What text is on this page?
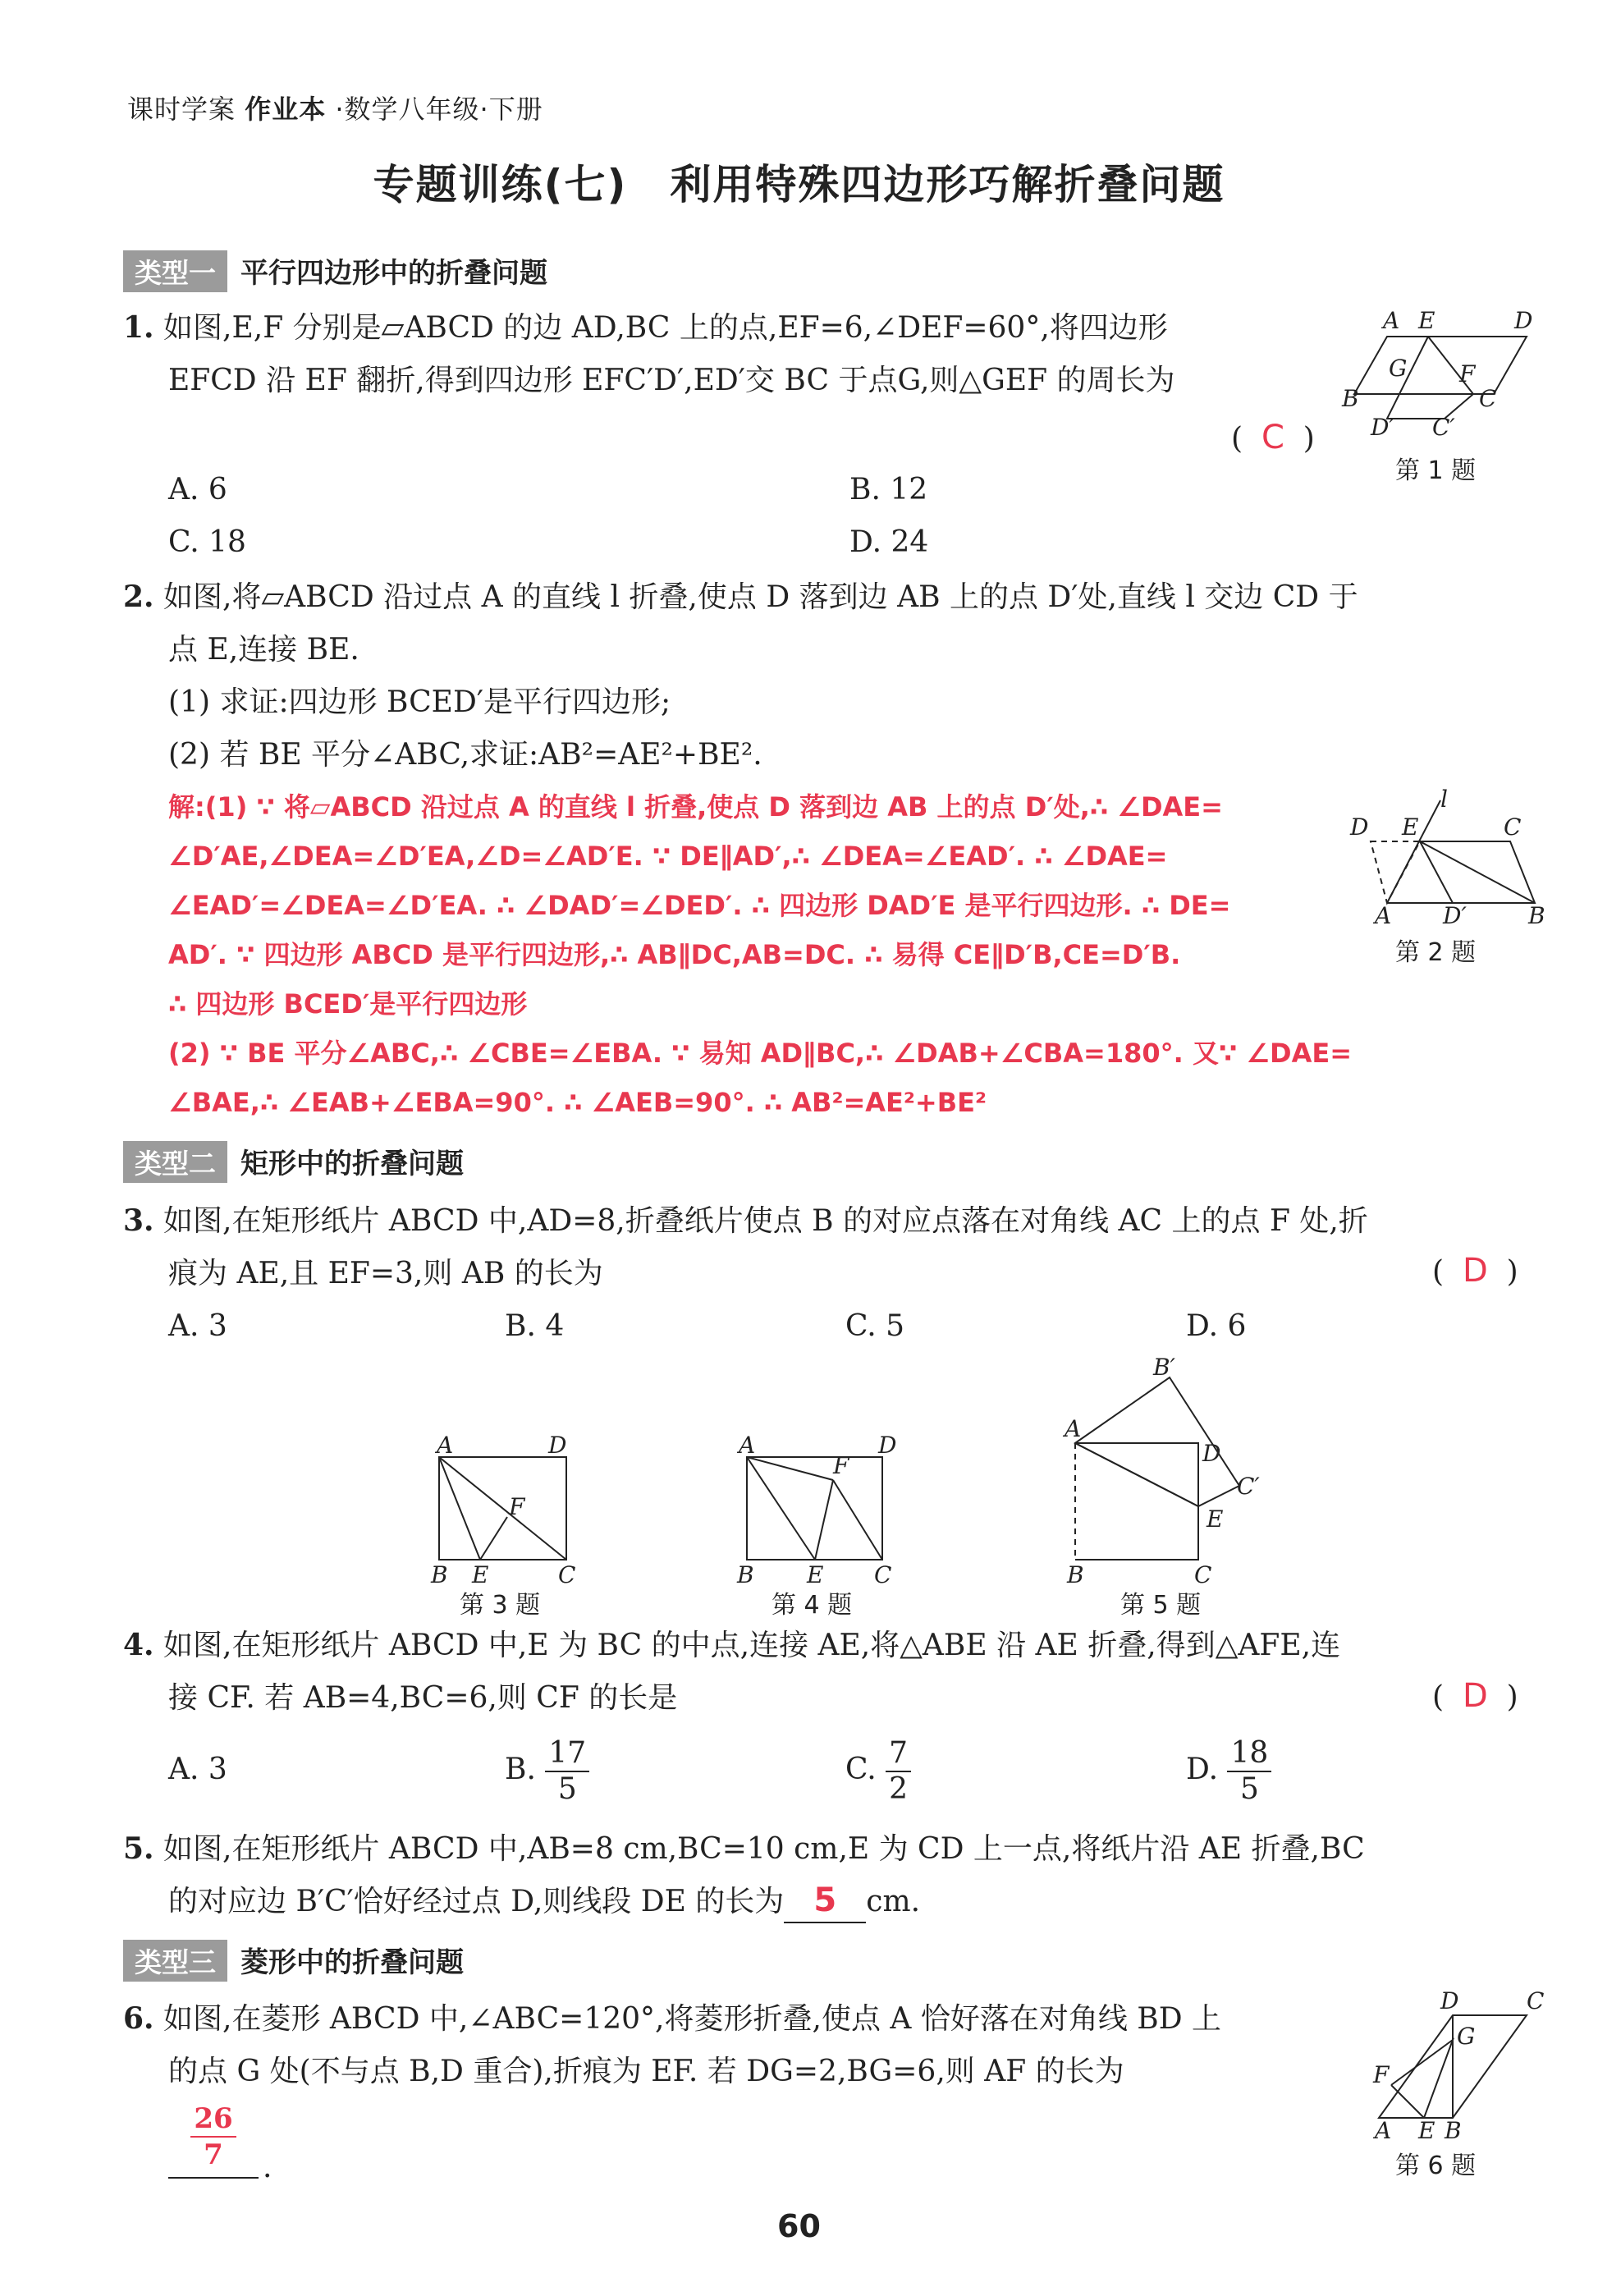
课时学案 作业本 ·数学八年级·下册
专题训练(七)　利用特殊四边形巧解折叠问题
类型一 平行四边形中的折叠问题
1. 如图,E,F 分别是▱ABCD 的边 AD,BC 上的点,EF=6,∠DEF=60°,将四边形
EFCD 沿 EF 翻折,得到四边形 EFC′D′,ED′交 BC 于点G,则△GEF 的周长为
(  C  )
A. 6	B. 12
C. 18	D. 24
A E	D
B
G F
C
D′ C′
第 1 题
2. 如图,将▱ABCD 沿过点 A 的直线 l 折叠,使点 D 落到边 AB 上的点 D′处,直线 l 交边 CD 于
点 E,连接 BE.
(1) 求证:四边形 BCED′是平行四边形;
(2) 若 BE 平分∠ABC,求证:AB²=AE²+BE².
解:(1) ∵ 将▱ABCD 沿过点 A 的直线 l 折叠,使点 D 落到边 AB 上的点 D′处,∴ ∠DAE=
∠D′AE,∠DEA=∠D′EA,∠D=∠AD′E. ∵ DE∥AD′,∴ ∠DEA=∠EAD′. ∴ ∠DAE=
∠EAD′=∠DEA=∠D′EA. ∴ ∠DAD′=∠DED′. ∴ 四边形 DAD′E 是平行四边形. ∴ DE=
AD′. ∵ 四边形 ABCD 是平行四边形,∴ AB∥DC,AB=DC. ∴ 易得 CE∥D′B,CE=D′B.
∴ 四边形 BCED′是平行四边形
(2) ∵ BE 平分∠ABC,∴ ∠CBE=∠EBA. ∵ 易知 AD∥BC,∴ ∠DAB+∠CBA=180°. 又∵ ∠DAE=
∠BAE,∴ ∠EAB+∠EBA=90°. ∴ ∠AEB=90°. ∴ AB²=AE²+BE²
D E
l
C
A D′	B
第 2 题
类型二 矩形中的折叠问题
3. 如图,在矩形纸片 ABCD 中,AD=8,折叠纸片使点 B 的对应点落在对角线 AC 上的点 F 处,折
痕为 AE,且 EF=3,则 AB 的长为	(  D  )
A. 3	B. 4	C. 5	D. 6
A	D
F
B E	C
第 3 题
A	D
F
B E C
第 4 题
A
B′
D
C′
E
B	C
第 5 题
4. 如图,在矩形纸片 ABCD 中,E 为 BC 的中点,连接 AE,将△ABE 沿 AE 折叠,得到△AFE,连
接 CF. 若 AB=4,BC=6,则 CF 的长是	(  D  )
A. 3	B. $\frac{17}{5}$	C. $\frac{7}{2}$	D. $\frac{18}{5}$
5. 如图,在矩形纸片 ABCD 中,AB=8 cm,BC=10 cm,E 为 CD 上一点,将纸片沿 AE 折叠,BC
的对应边 B′C′恰好经过点 D,则线段 DE 的长为 5 cm.
类型三 菱形中的折叠问题
6. 如图,在菱形 ABCD 中,∠ABC=120°,将菱形折叠,使点 A 恰好落在对角线 BD 上
的点 G 处(不与点 B,D 重合),折痕为 EF. 若 DG=2,BG=6,则 AF 的长为
$\frac{26}{7}$ .
D	C
G
F
A E B
第 6 题
60
